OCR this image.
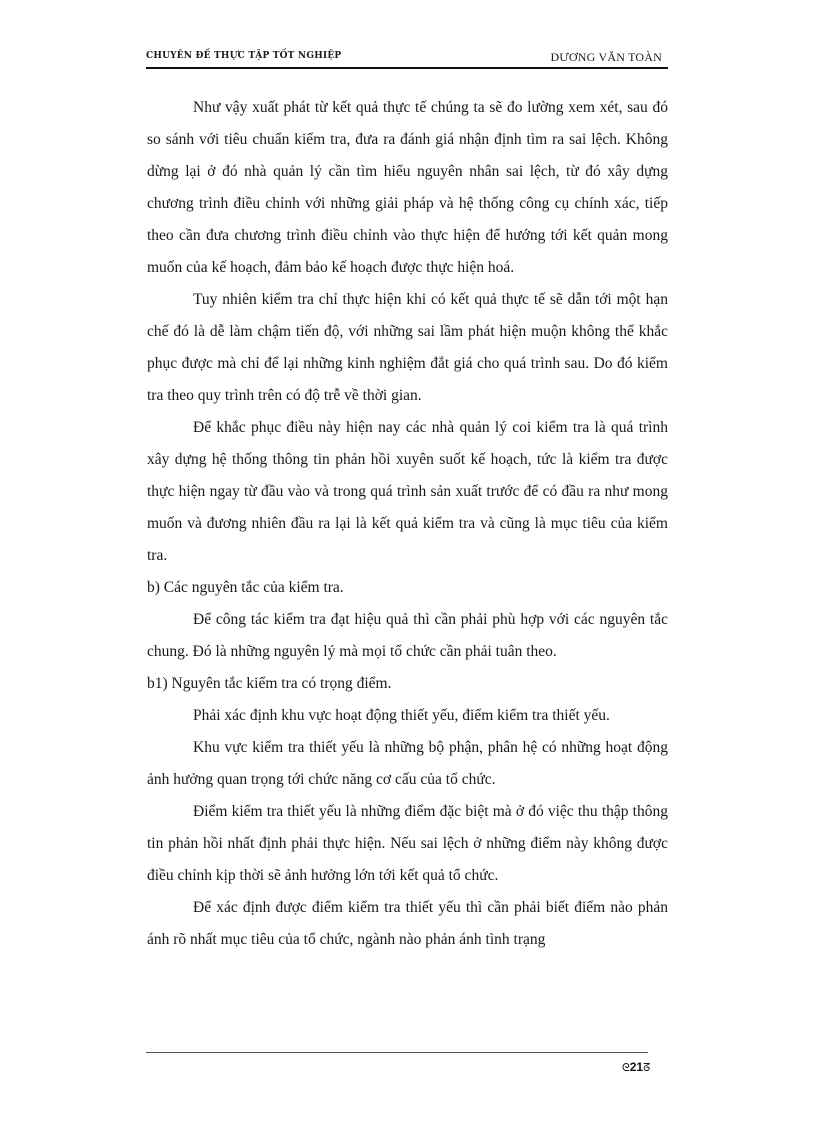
CHUYÊN ĐỀ THỰC TẬP TỐT NGHIỆP	DƯƠNG VĂN TOÀN

Như vậy xuất phát từ kết quả thực tế chúng ta sẽ đo lường xem xét, sau đó so sánh với tiêu chuẩn kiểm tra, đưa ra đánh giá nhận định tìm ra sai lệch. Không dừng lại ở đó nhà quản lý cần tìm hiểu nguyên nhân sai lệch, từ đó xây dựng chương trình điều chỉnh với những giải pháp và hệ thống công cụ chính xác, tiếp theo cần đưa chương trình điều chỉnh vào thực hiện để hướng tới kết quản mong muốn của kế hoạch, đảm bảo kế hoạch được thực hiện hoá.

Tuy nhiên kiểm tra chỉ thực hiện khi có kết quả thực tế sẽ dẫn tới một hạn chế đó là dễ làm chậm tiến độ, với những sai lầm phát hiện muộn không thể khắc phục được mà chỉ để lại những kinh nghiệm đắt giá cho quá trình sau. Do đó kiểm tra theo quy trình trên có độ trễ về thời gian.

Để khắc phục điều này hiện nay các nhà quản lý coi kiểm tra là quá trình xây dựng hệ thống thông tin phản hồi xuyên suốt kế hoạch, tức là kiểm tra được thực hiện ngay từ đầu vào và trong quá trình sản xuất trước để có đầu ra như mong muốn và đương nhiên đầu ra lại là kết quả kiểm tra và cũng là mục tiêu của kiểm tra.

b) Các nguyên tắc của kiểm tra.

Để công tác kiểm tra đạt hiệu quả thì cần phải phù hợp với các nguyên tắc chung. Đó là những nguyên lý mà mọi tổ chức cần phải tuân theo.

b1) Nguyên tắc kiểm tra có trọng điểm.

Phải xác định khu vực hoạt động thiết yếu, điểm kiểm tra thiết yếu.

Khu vực kiểm tra thiết yếu là những bộ phận, phân hệ có những hoạt động ảnh hưởng quan trọng tới chức năng cơ cấu của tổ chức.

Điểm kiểm tra thiết yếu là những điểm đặc biệt mà ở đó việc thu thập thông tin phản hồi nhất định phải thực hiện. Nếu sai lệch ở những điểm này không được điều chỉnh kịp thời sẽ ảnh hưởng lớn tới kết quả tổ chức.

Để xác định được điểm kiểm tra thiết yếu thì cần phải biết điểm nào phản ánh rõ nhất mục tiêu của tổ chức, ngành nào phản ánh tình trạng

ᘓ21ᘔ
